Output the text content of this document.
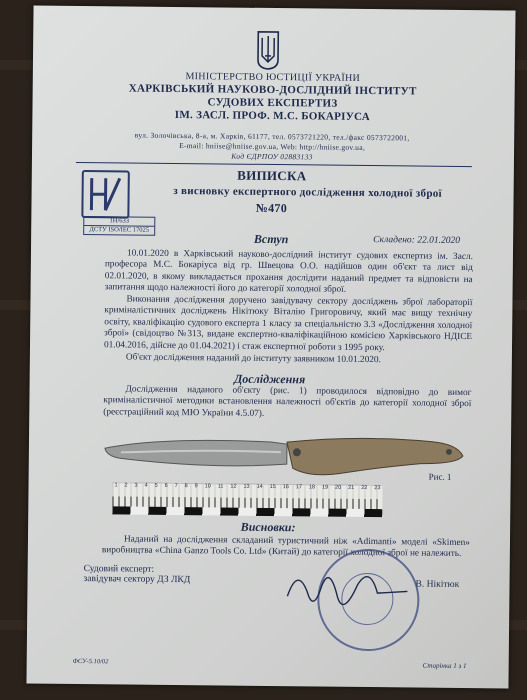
МІНІСТЕРСТВО ЮСТИЦІЇ УКРАЇНИ
ХАРКІВСЬКИЙ НАУКОВО-ДОСЛІДНИЙ ІНСТИТУТ
СУДОВИХ ЕКСПЕРТИЗ
ІМ. ЗАСЛ. ПРОФ. М.С. БОКАРІУСА
вул. Золочівська, 8-а, м. Харків, 61177, тел. 0573721220, тел./факс 0573722001,
E-mail: hniise@hniise.gov.ua, Web: http://hniise.gov.ua,
Код ЄДРПОУ 02883133
1Н/633
ДСТУ ISO/IEC 17025
ВИПИСКА
з висновку експертного дослідження холодної зброї
№470
Вступ	Складено: 22.01.2020
10.01.2020 в Харківський науково-дослідний інститут судових експертиз ім. Засл. професора М.С. Бокаріуса від гр. Швецова О.О. надійшов один об'єкт та лист від 02.01.2020, в якому викладається прохання дослідити наданий предмет та відповісти на запитання щодо належності його до категорії холодної зброї.
Виконання дослідження доручено завідувачу сектору досліджень зброї лабораторії криміналістичних досліджень Нікітюку Віталію Григоровичу, який має вищу технічну освіту, кваліфікацію судового експерта 1 класу за спеціальністю 3.3 «Дослідження холодної зброї» (свідоцтво №313, видане експертно-кваліфікаційною комісією Харківського НДІСЕ 01.04.2016, дійсне до 01.04.2021) і стаж експертної роботи з 1995 року.
Об'єкт дослідження наданий до інституту заявником 10.01.2020.
Дослідження
Дослідження наданого об'єкту (рис. 1) проводилося відповідно до вимог криміналістичної методики встановлення належності об'єктів до категорії холодної зброї (реєстраційний код МЮ України 4.5.07).
Рис. 1
1 2 3 4 5 6 7 8 9 10 11 12 13 14 15 16 17 18 19 20 21 22 23
Висновки:
Наданий на дослідження складаний туристичний ніж «Adimanti» моделі «Skimen» виробництва «China Ganzo Tools Co. Ltd» (Китай) до категорії холодної зброї не належить.
Судовий експерт:
завідувач сектору ДЗ ЛКД	В. Нікітюк
ФСУ-5.10/02	Сторінка 1 з 1
